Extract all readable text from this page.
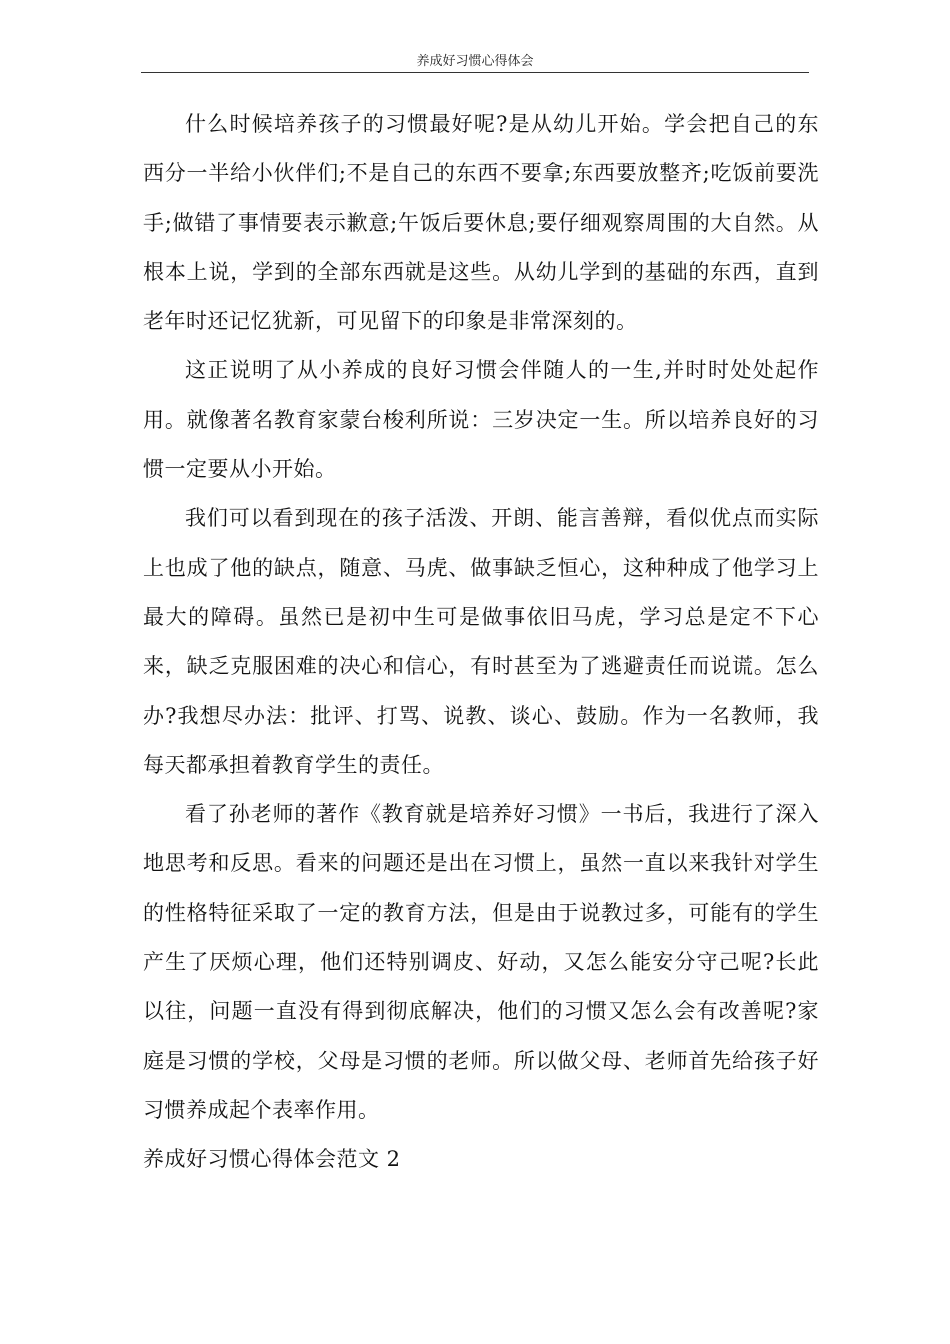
养成好习惯心得体会

什么时候培养孩子的习惯最好呢?是从幼儿开始。学会把自己的东西分一半给小伙伴们;不是自己的东西不要拿;东西要放整齐;吃饭前要洗手;做错了事情要表示歉意;午饭后要休息;要仔细观察周围的大自然。从根本上说，学到的全部东西就是这些。从幼儿学到的基础的东西，直到老年时还记忆犹新，可见留下的印象是非常深刻的。

这正说明了从小养成的良好习惯会伴随人的一生,并时时处处起作用。就像著名教育家蒙台梭利所说：三岁决定一生。所以培养良好的习惯一定要从小开始。

我们可以看到现在的孩子活泼、开朗、能言善辩，看似优点而实际上也成了他的缺点，随意、马虎、做事缺乏恒心，这种种成了他学习上最大的障碍。虽然已是初中生可是做事依旧马虎，学习总是定不下心来，缺乏克服困难的决心和信心，有时甚至为了逃避责任而说谎。怎么办?我想尽办法：批评、打骂、说教、谈心、鼓励。作为一名教师，我每天都承担着教育学生的责任。

看了孙老师的著作《教育就是培养好习惯》一书后，我进行了深入地思考和反思。看来的问题还是出在习惯上，虽然一直以来我针对学生的性格特征采取了一定的教育方法，但是由于说教过多，可能有的学生产生了厌烦心理，他们还特别调皮、好动，又怎么能安分守己呢?长此以往，问题一直没有得到彻底解决，他们的习惯又怎么会有改善呢?家庭是习惯的学校，父母是习惯的老师。所以做父母、老师首先给孩子好习惯养成起个表率作用。

养成好习惯心得体会范文 2
